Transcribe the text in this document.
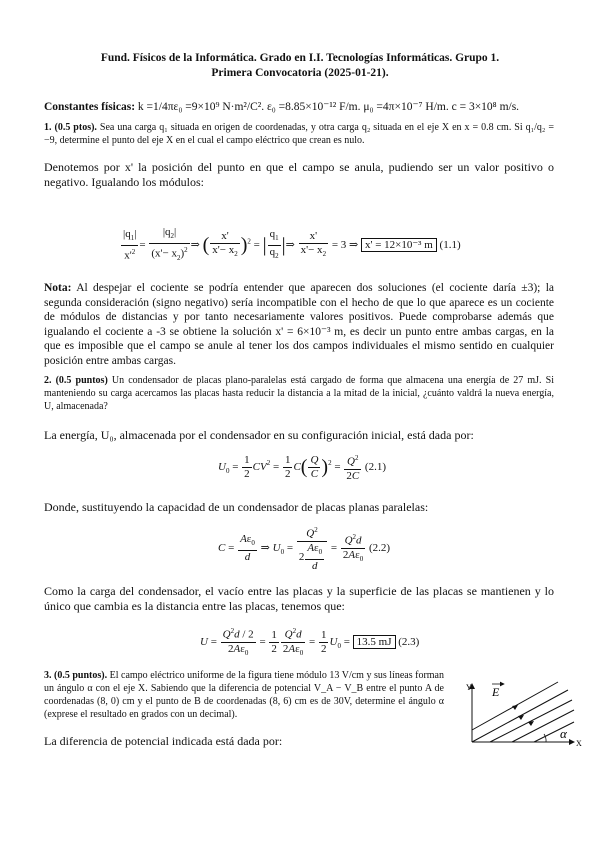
Fund. Físicos de la Informática. Grado en I.I. Tecnologías Informáticas. Grupo 1. Primera Convocatoria (2025-01-21).
Constantes físicas: k =1/4πε₀ =9×10⁹ N·m²/C². ε₀ =8.85×10⁻¹² F/m. μ₀ =4π×10⁻⁷ H/m. c = 3×10⁸ m/s.
1. (0.5 ptos). Sea una carga q₁ situada en origen de coordenadas, y otra carga q₂ situada en el eje X en x = 0.8 cm. Si q₁/q₂ = −9, determine el punto del eje X en el cual el campo eléctrico que crean es nulo.
Denotemos por x' la posición del punto en que el campo se anula, pudiendo ser un valor positivo o negativo. Igualando los módulos:
$\frac{|q_1|}{x'^2} = \frac{|q_2|}{(x'- x_2)^2}$ ⇒ ( $\frac{x'}{x'- x_2} )^2$ = | $\frac{q_1}{q_2}$ |⇒ $\frac{x'}{x'- x_2} = 3$ ⇒ x' = 12×10⁻³ m (1.1)
Nota: Al despejar el cociente se podría entender que aparecen dos soluciones (el cociente daría ±3); la segunda consideración (signo negativo) sería incompatible con el hecho de que lo que aparece es un cociente de módulos de distancias y por tanto necesariamente valores positivos. Puede comprobarse además que igualando el cociente a -3 se obtiene la solución x' = 6×10⁻³ m, es decir un punto entre ambas cargas, en la que es imposible que el campo se anule al tener los dos campos individuales el mismo sentido en cualquier posición entre ambas cargas.
2. (0.5 puntos) Un condensador de placas plano-paralelas está cargado de forma que almacena una energía de 27 mJ. Si manteniendo su carga acercamos las placas hasta reducir la distancia a la mitad de la inicial, ¿cuánto valdrá la nueva energía, U, almacenada?
La energía, U₀, almacenada por el condensador en su configuración inicial, está dada por:
$U_0 = \frac{1}{2} CV^2 = \frac{1}{2} C( \frac{Q}{C} )^2 = \frac{Q^2}{2C} (2.1)$
Donde, sustituyendo la capacidad de un condensador de placas planas paralelas:
$C = \frac{A\varepsilon_0}{d}$ ⇒ $U_0 = \frac{Q^2}{2 \frac{A\varepsilon_0}{d}} = \frac{Q^2d}{2A\varepsilon_0} (2.2)$
Como la carga del condensador, el vacío entre las placas y la superficie de las placas se mantienen y lo único que cambia es la distancia entre las placas, tenemos que:
$U = \frac{Q^2d / 2}{2A\varepsilon_0} = \frac{1}{2} \frac{Q^2d}{2A\varepsilon_0} = \frac{1}{2} U_0 = 13.5$ mJ (2.3)
3. (0.5 puntos). El campo eléctrico uniforme de la figura tiene módulo 13 V/cm y sus líneas forman un ángulo α con el eje X. Sabiendo que la diferencia de potencial V_A − V_B entre el punto A de coordenadas (8, 0) cm y el punto de B de coordenadas (8, 6) cm es de 30V, determine el ángulo α (exprese el resultado en grados con un decimal).
La diferencia de potencial indicada está dada por:
Y
X
E
α
